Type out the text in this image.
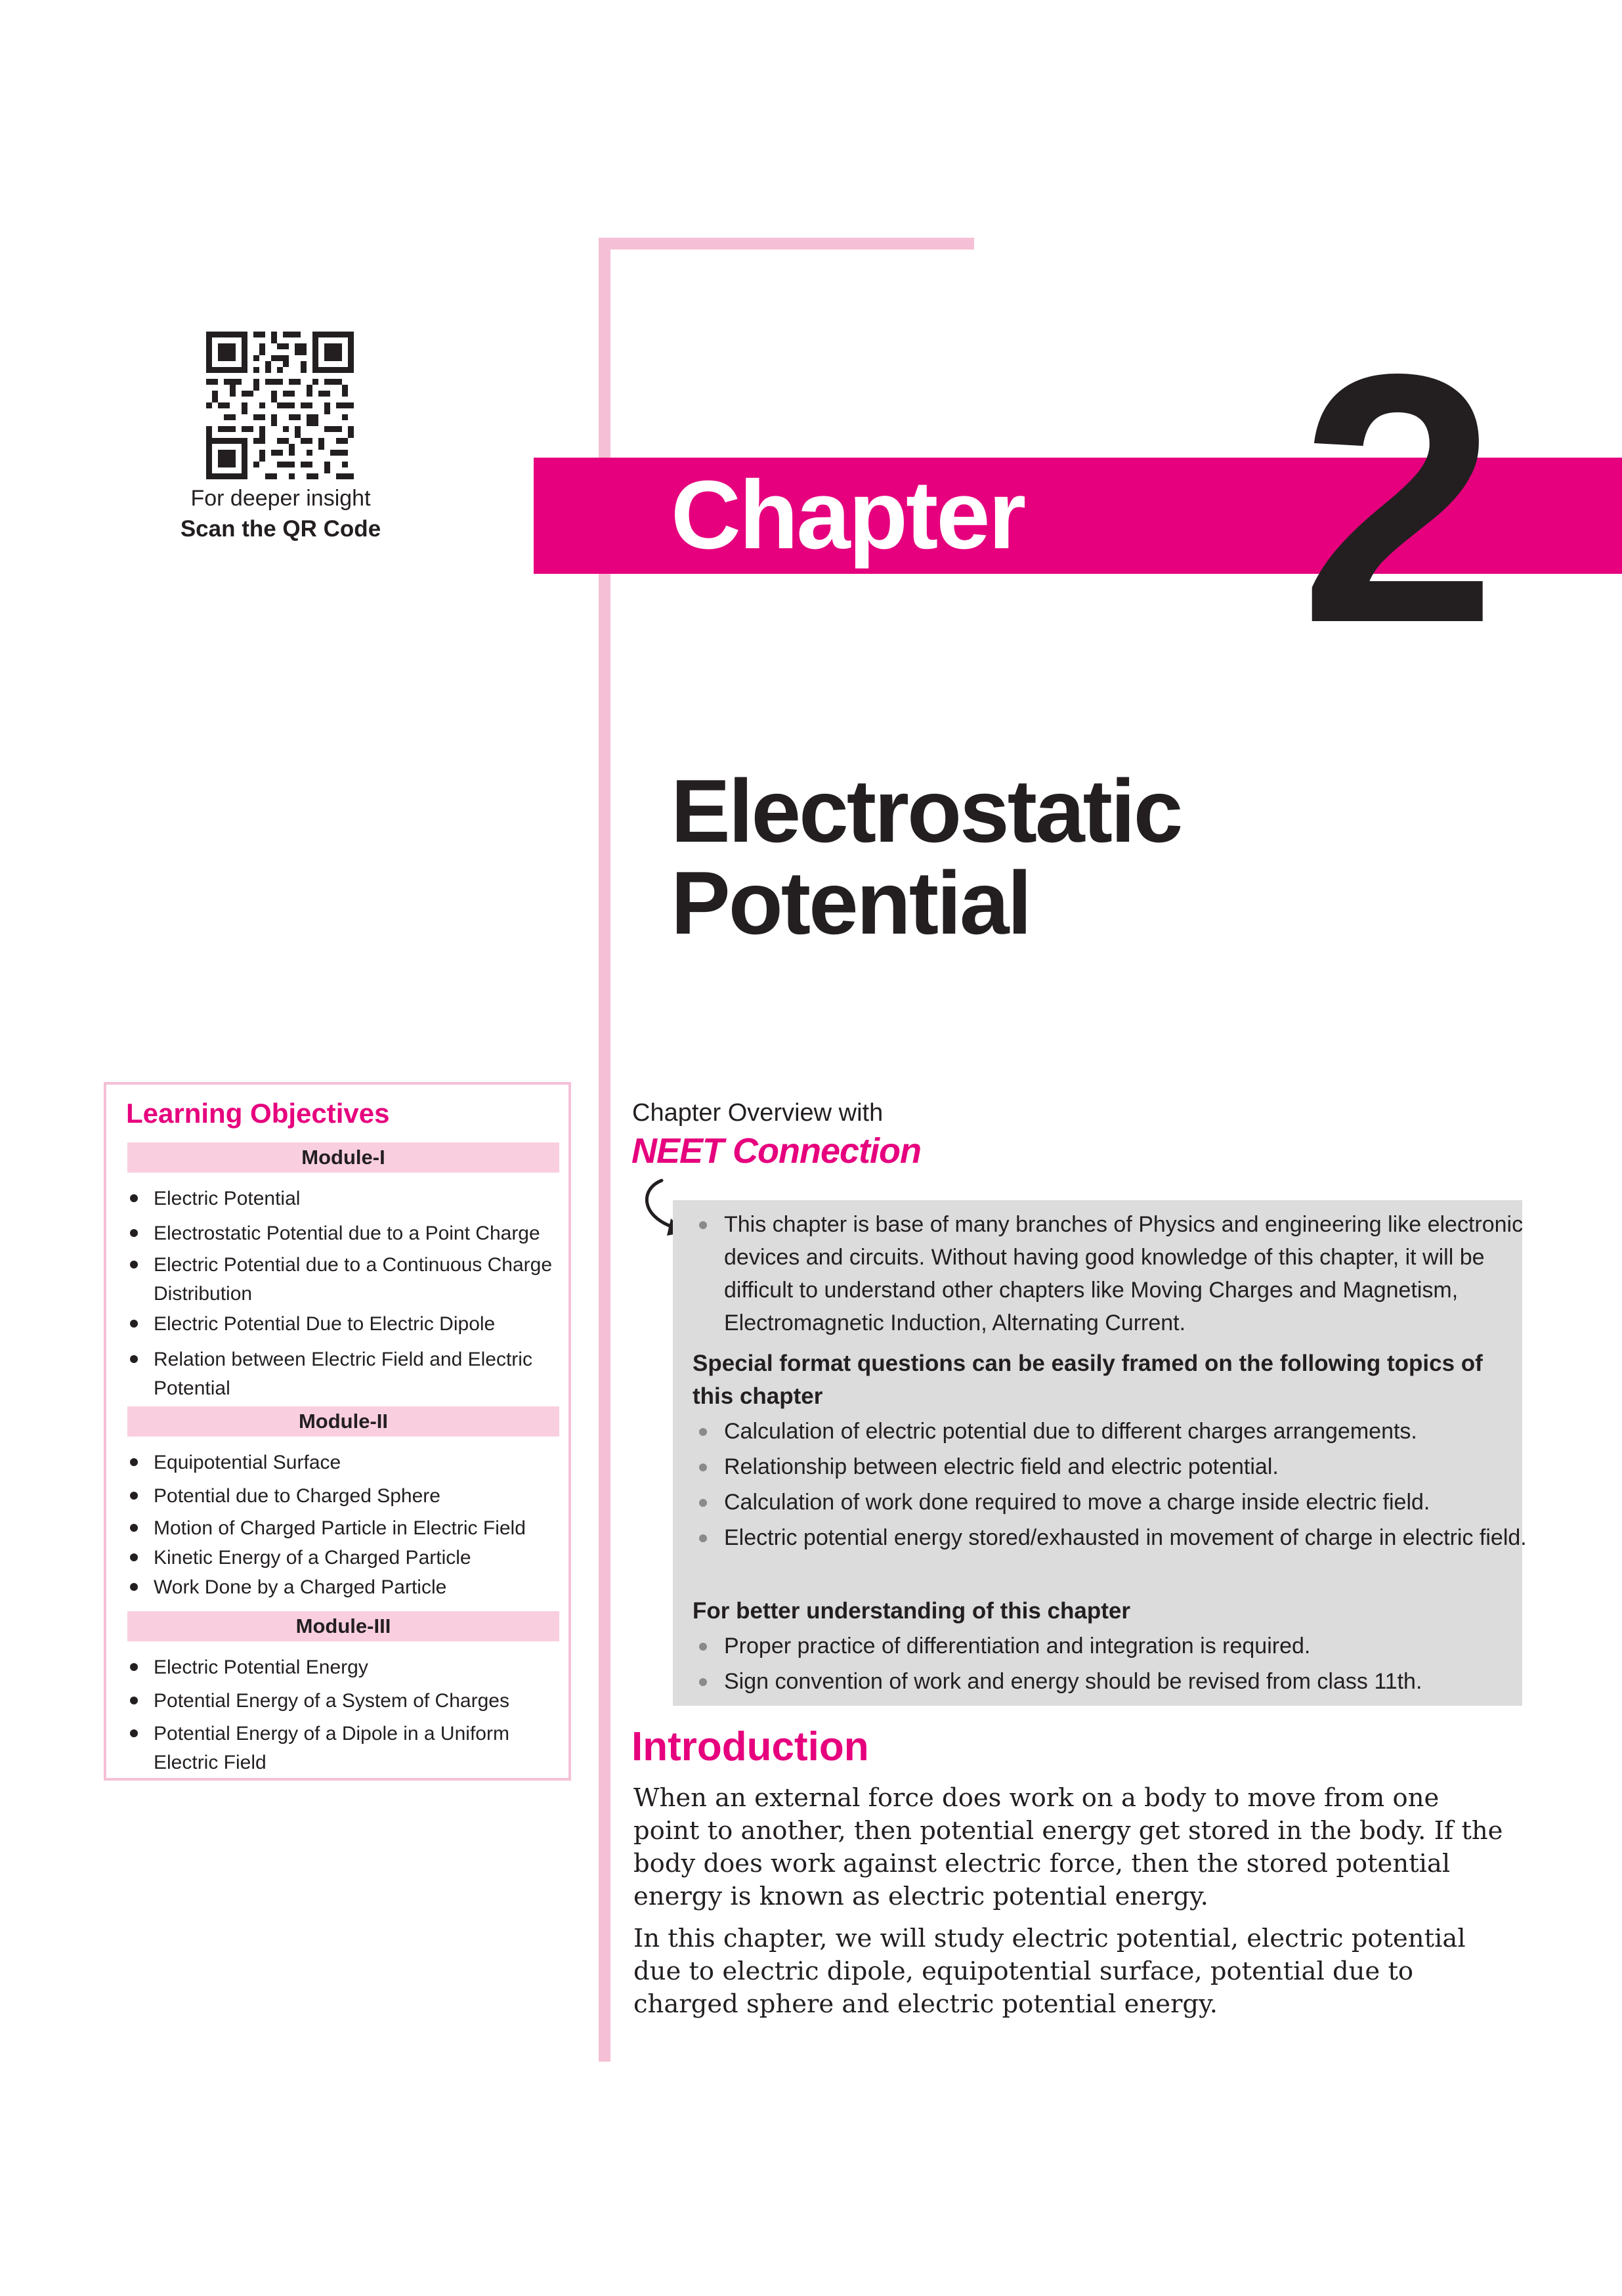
For deeper insight
Scan the QR Code	Chapter 2
Electrostatic
Potential
Learning Objectives
Module-I
Electric Potential
Electrostatic Potential due to a Point Charge
Electric Potential due to a Continuous Charge Distribution
Electric Potential Due to Electric Dipole
Relation between Electric Field and Electric Potential
Module-II
Equipotential Surface
Potential due to Charged Sphere
Motion of Charged Particle in Electric Field
Kinetic Energy of a Charged Particle
Work Done by a Charged Particle
Module-III
Electric Potential Energy
Potential Energy of a System of Charges
Potential Energy of a Dipole in a Uniform Electric Field
Chapter Overview with
NEET Connection
This chapter is base of many branches of Physics and engineering like electronic devices and circuits. Without having good knowledge of this chapter, it will be difficult to understand other chapters like Moving Charges and Magnetism, Electromagnetic Induction, Alternating Current.
Special format questions can be easily framed on the following topics of this chapter
Calculation of electric potential due to different charges arrangements.
Relationship between electric field and electric potential.
Calculation of work done required to move a charge inside electric field.
Electric potential energy stored/exhausted in movement of charge in electric field.
For better understanding of this chapter
Proper practice of differentiation and integration is required.
Sign convention of work and energy should be revised from class 11th.
Introduction
When an external force does work on a body to move from one point to another, then potential energy get stored in the body. If the body does work against electric force, then the stored potential energy is known as electric potential energy.
In this chapter, we will study electric potential, electric potential due to electric dipole, equipotential surface, potential due to charged sphere and electric potential energy.
